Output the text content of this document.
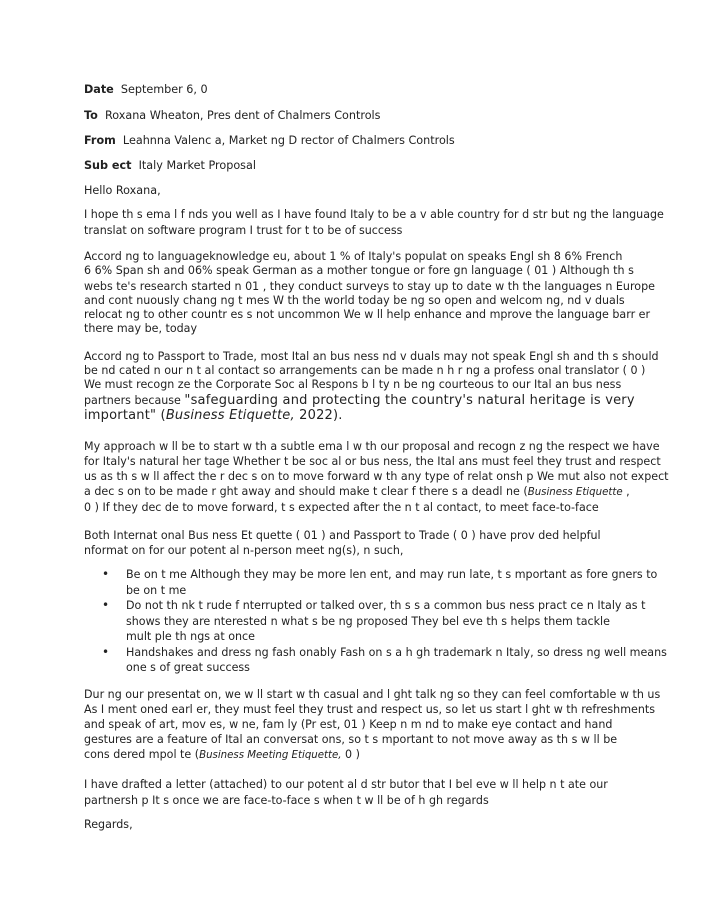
Date September 6, 0
To Roxana Wheaton, Pres dent of Chalmers Controls
From Leahnna Valenc a, Market ng D rector of Chalmers Controls
Sub ect Italy Market Proposal
Hello Roxana,
I hope th s ema l f nds you well as I have found Italy to be a v able country for d str but ng the language
translat on software program I trust for t to be of success
Accord ng to languageknowledge eu, about 1 % of Italy's populat on speaks Engl sh 8 6% French
6 6% Span sh and 06% speak German as a mother tongue or fore gn language ( 01 ) Although th s
webs te's research started n 01 , they conduct surveys to stay up to date w th the languages n Europe
and cont nuously chang ng t mes W th the world today be ng so open and welcom ng, nd v duals
relocat ng to other countr es s not uncommon We w ll help enhance and mprove the language barr er
there may be, today
Accord ng to Passport to Trade, most Ital an bus ness nd v duals may not speak Engl sh and th s should
be nd cated n our n t al contact so arrangements can be made n h r ng a profess onal translator ( 0 )
We must recogn ze the Corporate Soc al Respons b l ty n be ng courteous to our Ital an bus ness
partners because "safeguarding and protecting the country's natural heritage is very
important" (Business Etiquette, 2022).
My approach w ll be to start w th a subtle ema l w th our proposal and recogn z ng the respect we have
for Italy's natural her tage Whether t be soc al or bus ness, the Ital ans must feel they trust and respect
us as th s w ll affect the r dec s on to move forward w th any type of relat onsh p We mut also not expect
a dec s on to be made r ght away and should make t clear f there s a deadl ne (Business Etiquette ,
0 ) If they dec de to move forward, t s expected after the n t al contact, to meet face-to-face
Both Internat onal Bus ness Et quette ( 01 ) and Passport to Trade ( 0 ) have prov ded helpful
nformat on for our potent al n-person meet ng(s), n such,
• Be on t me Although they may be more len ent, and may run late, t s mportant as fore gners to
be on t me
• Do not th nk t rude f nterrupted or talked over, th s s a common bus ness pract ce n Italy as t
shows they are nterested n what s be ng proposed They bel eve th s helps them tackle
mult ple th ngs at once
• Handshakes and dress ng fash onably Fash on s a h gh trademark n Italy, so dress ng well means
one s of great success
Dur ng our presentat on, we w ll start w th casual and l ght talk ng so they can feel comfortable w th us
As I ment oned earl er, they must feel they trust and respect us, so let us start l ght w th refreshments
and speak of art, mov es, w ne, fam ly (Pr est, 01 ) Keep n m nd to make eye contact and hand
gestures are a feature of Ital an conversat ons, so t s mportant to not move away as th s w ll be
cons dered mpol te (Business Meeting Etiquette, 0 )
I have drafted a letter (attached) to our potent al d str butor that I bel eve w ll help n t ate our
partnersh p It s once we are face-to-face s when t w ll be of h gh regards
Regards,
